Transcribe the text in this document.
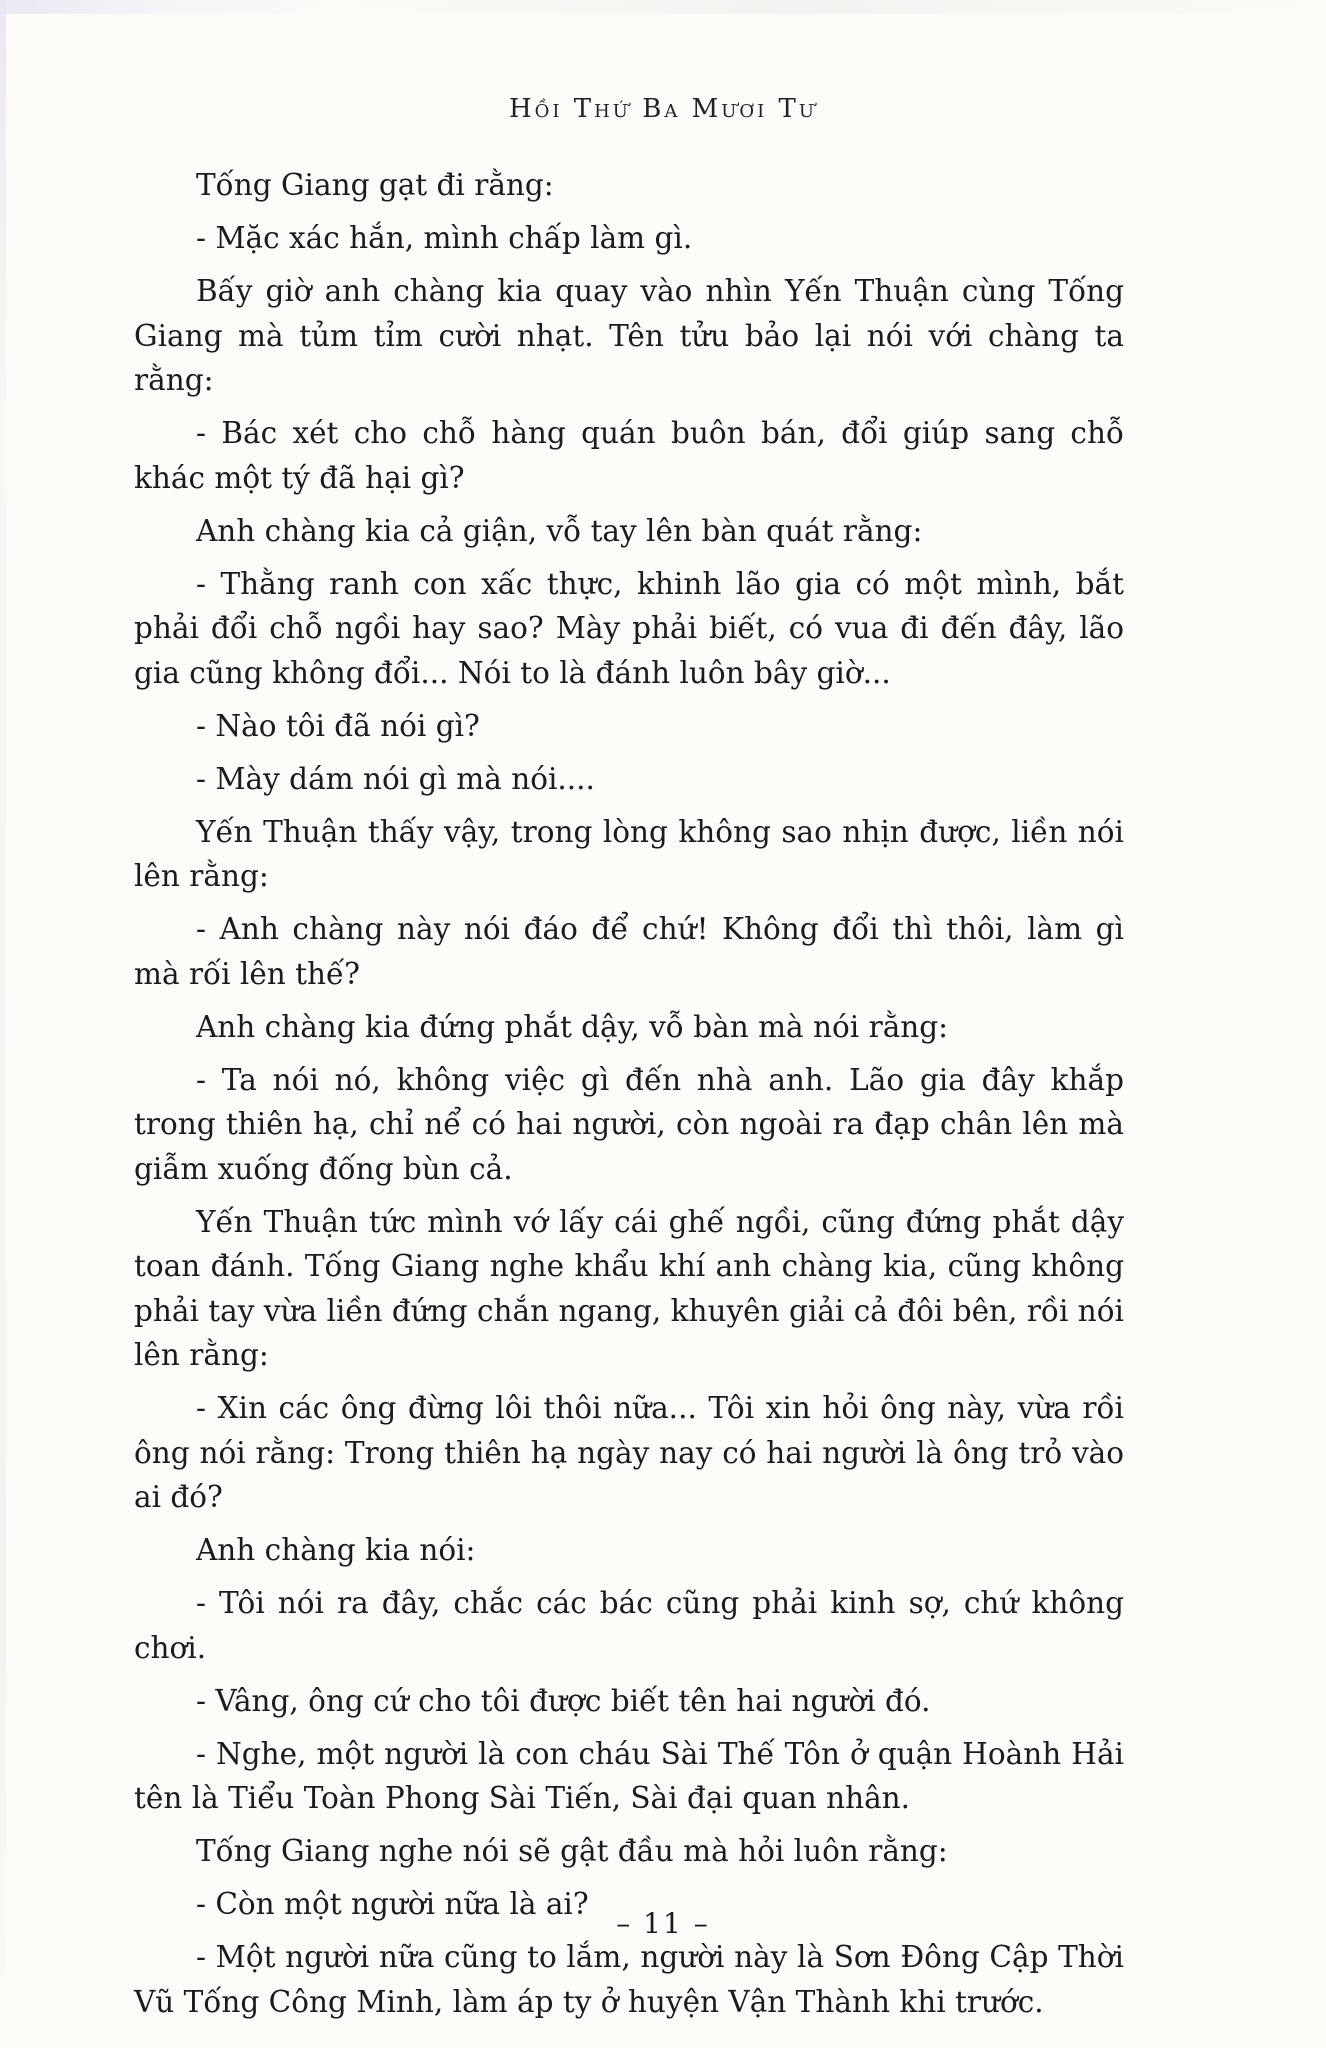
Hồi Thứ Ba Mươi Tư

Tống Giang gạt đi rằng:

- Mặc xác hắn, mình chấp làm gì.

Bấy giờ anh chàng kia quay vào nhìn Yến Thuận cùng Tống Giang mà tủm tỉm cười nhạt. Tên tửu bảo lại nói với chàng ta rằng:

- Bác xét cho chỗ hàng quán buôn bán, đổi giúp sang chỗ khác một tý đã hại gì?

Anh chàng kia cả giận, vỗ tay lên bàn quát rằng:

- Thằng ranh con xấc thực, khinh lão gia có một mình, bắt phải đổi chỗ ngồi hay sao? Mày phải biết, có vua đi đến đây, lão gia cũng không đổi... Nói to là đánh luôn bây giờ...

- Nào tôi đã nói gì?

- Mày dám nói gì mà nói....

Yến Thuận thấy vậy, trong lòng không sao nhịn được, liền nói lên rằng:

- Anh chàng này nói đáo để chứ! Không đổi thì thôi, làm gì mà rối lên thế?

Anh chàng kia đứng phắt dậy, vỗ bàn mà nói rằng:

- Ta nói nó, không việc gì đến nhà anh. Lão gia đây khắp trong thiên hạ, chỉ nể có hai người, còn ngoài ra đạp chân lên mà giẫm xuống đống bùn cả.

Yến Thuận tức mình vớ lấy cái ghế ngồi, cũng đứng phắt dậy toan đánh. Tống Giang nghe khẩu khí anh chàng kia, cũng không phải tay vừa liền đứng chắn ngang, khuyên giải cả đôi bên, rồi nói lên rằng:

- Xin các ông đừng lôi thôi nữa... Tôi xin hỏi ông này, vừa rồi ông nói rằng: Trong thiên hạ ngày nay có hai người là ông trỏ vào ai đó?

Anh chàng kia nói:

- Tôi nói ra đây, chắc các bác cũng phải kinh sợ, chứ không chơi.

- Vâng, ông cứ cho tôi được biết tên hai người đó.

- Nghe, một người là con cháu Sài Thế Tôn ở quận Hoành Hải tên là Tiểu Toàn Phong Sài Tiến, Sài đại quan nhân.

Tống Giang nghe nói sẽ gật đầu mà hỏi luôn rằng:

- Còn một người nữa là ai?

- Một người nữa cũng to lắm, người này là Sơn Đông Cập Thời Vũ Tống Công Minh, làm áp ty ở huyện Vận Thành khi trước.

– 11 –
